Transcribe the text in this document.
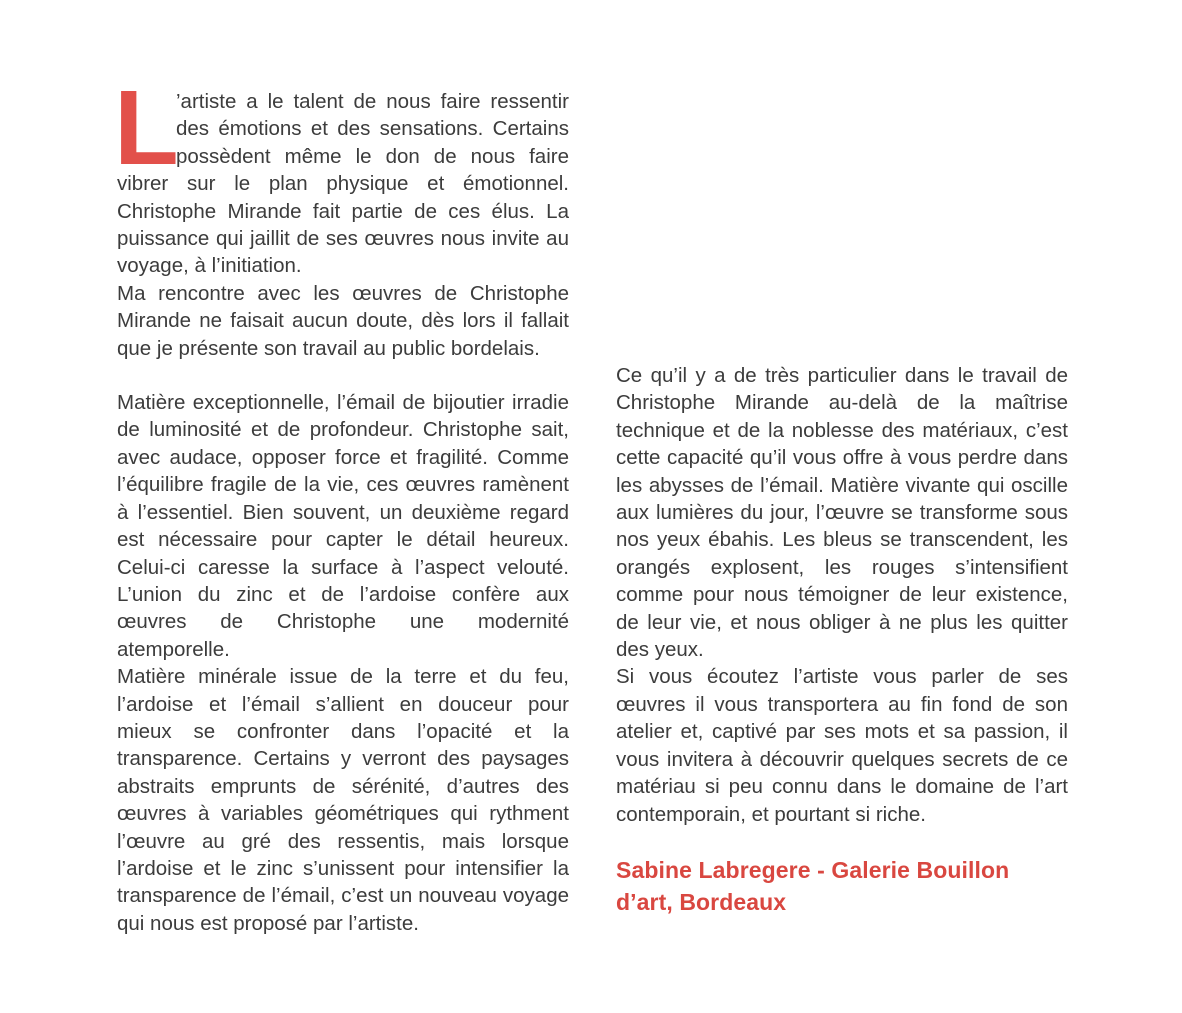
L
’artiste a le talent de nous faire ressentir des émotions et des sensations. Certains possèdent même le don de nous faire vibrer sur le plan physique et émotionnel. Christophe Mirande fait partie de ces élus. La puissance qui jaillit de ses œuvres nous invite au voyage, à l’initiation.

Ma rencontre avec les œuvres de Christophe Mirande ne faisait aucun doute, dès lors il fallait que je présente son travail au public bordelais.

Matière exceptionnelle, l’émail de bijoutier irradie de luminosité et de profondeur. Christophe sait, avec audace, opposer force et fragilité. Comme l’équilibre fragile de la vie, ces œuvres ramènent à l’essentiel. Bien souvent, un deuxième regard est nécessaire pour capter le détail heureux. Celui-ci caresse la surface à l’aspect velouté. L’union du zinc et de l’ardoise confère aux œuvres de Christophe une modernité atemporelle.

Matière minérale issue de la terre et du feu, l’ardoise et l’émail s’allient en douceur pour mieux se confronter dans l’opacité et la transparence. Certains y verront des paysages abstraits emprunts de sérénité, d’autres des œuvres à variables géométriques qui rythment l’œuvre au gré des ressentis, mais lorsque l’ardoise et le zinc s’unissent pour intensifier la transparence de l’émail, c’est un nouveau voyage qui nous est proposé par l’artiste.

Ce qu’il y a de très particulier dans le travail de Christophe Mirande au-delà de la maîtrise technique et de la noblesse des matériaux, c’est cette capacité qu’il vous offre à vous perdre dans les abysses de l’émail. Matière vivante qui oscille aux lumières du jour, l’œuvre se transforme sous nos yeux ébahis. Les bleus se transcendent, les orangés explosent, les rouges s’intensifient comme pour nous témoigner de leur existence, de leur vie, et nous obliger à ne plus les quitter des yeux.

Si vous écoutez l’artiste vous parler de ses œuvres il vous transportera au fin fond de son atelier et, captivé par ses mots et sa passion, il vous invitera à découvrir quelques secrets de ce matériau si peu connu dans le domaine de l’art contemporain, et pourtant si riche.

Sabine Labregere - Galerie Bouillon d’art, Bordeaux
